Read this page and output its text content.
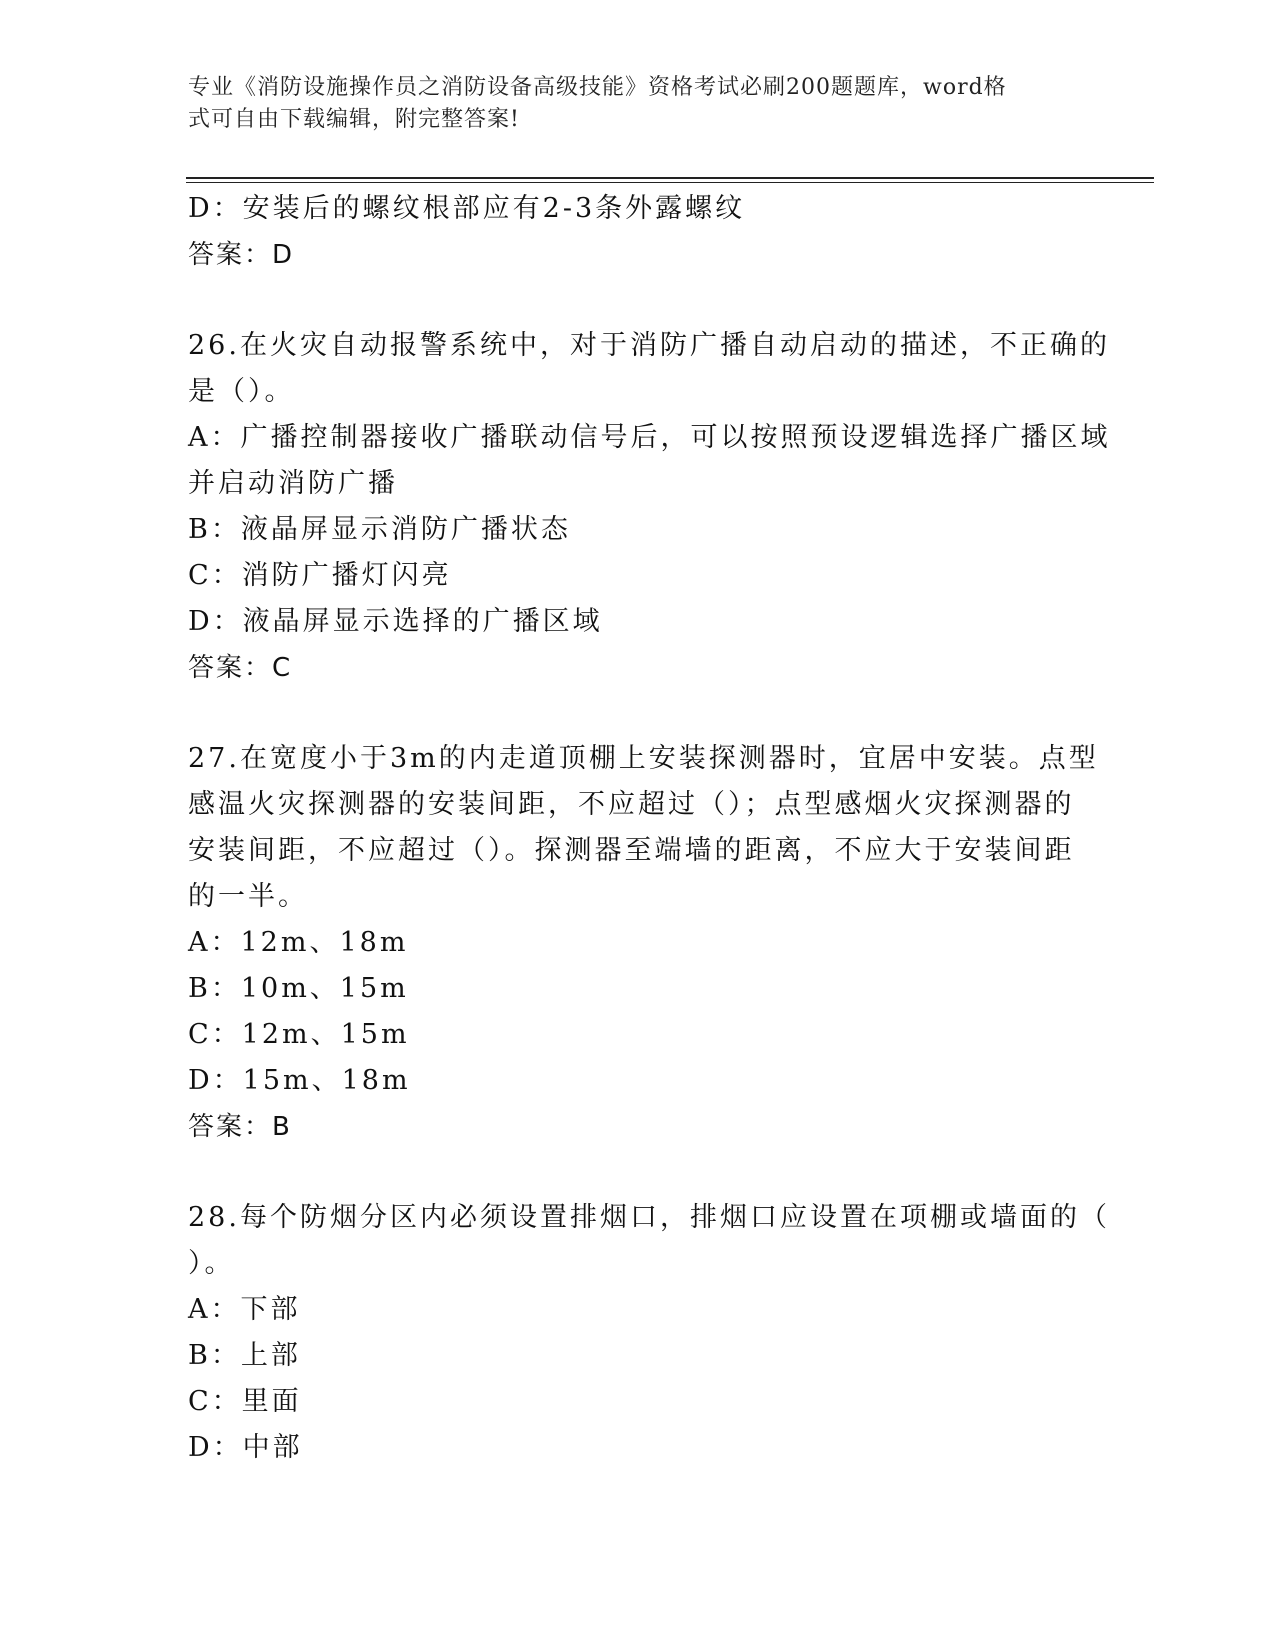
专业《消防设施操作员之消防设备高级技能》资格考试必刷200题题库，word格
式可自由下载编辑，附完整答案!
D：安装后的螺纹根部应有2-3条外露螺纹
答案：D
26.在火灾自动报警系统中，对于消防广播自动启动的描述，不正确的
是（）。
A：广播控制器接收广播联动信号后，可以按照预设逻辑选择广播区域
并启动消防广播
B：液晶屏显示消防广播状态
C：消防广播灯闪亮
D：液晶屏显示选择的广播区域
答案：C
27.在宽度小于3m的内走道顶棚上安装探测器时，宜居中安装。点型
感温火灾探测器的安装间距，不应超过（）；点型感烟火灾探测器的
安装间距，不应超过（）。探测器至端墙的距离，不应大于安装间距
的一半。
A：12m、18m
B：10m、15m
C：12m、15m
D：15m、18m
答案：B
28.每个防烟分区内必须设置排烟口，排烟口应设置在项棚或墙面的（
）。
A：下部
B：上部
C：里面
D：中部
